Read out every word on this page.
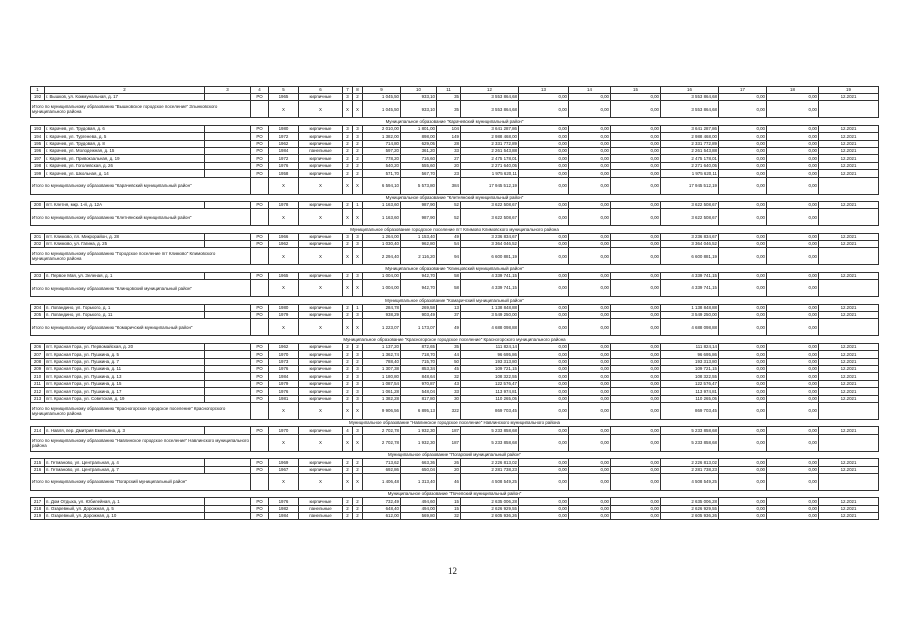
1	2	3	4	5	6	7	8	9	10	11	12	13	14	15	16	17	18	19
192	г. Вышков, ул. Коммунальная, д. 17		РО	1965	кирпичные	3	2	1 045,50	933,10	35	3 553 864,68	0,00	0,00	0,00	3 553 864,68	0,00	0,00	12.2021
Итого по муниципальному образованию "Вышковское городское поселение" Злынковского муниципального района				X	X	X	X	1 045,50	933,10	35	3 553 864,68	0,00	0,00	0,00	3 553 864,68	0,00	0,00	
Муниципальное образование "Карачевский муниципальный район"																		
193	г. Карачев, ул. Трудовая, д. 6		РО	1980	кирпичные	3	3	2 010,00	1 801,00	104	3 641 287,86	0,00	0,00	0,00	3 641 287,86	0,00	0,00	12.2021
194	г. Карачев, ул. Тургенева, д. 5		РО	1972	кирпичные	2	3	1 382,00	898,00	149	2 988 468,00	0,00	0,00	0,00	2 988 468,00	0,00	0,00	12.2021
195	г. Карачев, ул. Трудовая, д. 8		РО	1962	кирпичные	2	2	714,80	629,05	28	2 331 772,89	0,00	0,00	0,00	2 331 772,89	0,00	0,00	12.2021
196	г. Карачев, ул. Молодежная, д. 15		РО	1984	панельные	2	2	597,20	361,20	33	2 261 543,88	0,00	0,00	0,00	2 261 543,88	0,00	0,00	12.2021
197	г. Карачев, ул. Привокзальная, д. 19		РО	1972	кирпичные	2	2	778,20	716,60	27	2 475 178,01	0,00	0,00	0,00	2 475 178,01	0,00	0,00	12.2021
198	г. Карачев, ул. Гоголевская, д. 26		РО	1976	кирпичные	2	2	540,20	555,60	20	2 271 640,05	0,00	0,00	0,00	2 271 640,05	0,00	0,00	12.2021
199	г. Карачев, ул. Школьная, д. 14		РО	1958	кирпичные	2	2	571,70	567,70	23	1 975 620,11	0,00	0,00	0,00	1 975 620,11	0,00	0,00	12.2021
Итого по муниципальному образованию "Карачевский муниципальный район"				X	X	X	X	6 594,10	5 573,80	384	17 945 512,19	0,00	0,00	0,00	17 945 512,19	0,00	0,00	
Муниципальное образование "Клетнянский муниципальный район"																		
200	пгт. Клетня, мкр. 1-й, д. 12А		РО	1978	кирпичные	2	1	1 163,60	987,90	52	3 622 508,67	0,00	0,00	0,00	3 622 508,67	0,00	0,00	12.2021
Итого по муниципальному образованию "Клетнянский муниципальный район"				X	X	X	X	1 163,60	987,90	52	3 622 508,67	0,00	0,00	0,00	3 622 508,67	0,00	0,00	
Муниципальное образование городское поселение пгт Климово Климовского муниципального района																		
201	пгт. Климово, пл. Микрорайон, д. 28		РО	1966	кирпичные	3	3	1 264,00	1 153,40	49	3 236 834,67	0,00	0,00	0,00	3 236 834,67	0,00	0,00	12.2021
202	пгт. Климово, ул. Гагина, д. 25		РО	1962	кирпичные	2	3	1 030,40	962,80	54	3 364 046,52	0,00	0,00	0,00	3 364 046,52	0,00	0,00	12.2021
Итого по муниципальному образованию "Городское поселение пгт Климово" Климовского муниципального района				X	X	X	X	2 294,40	2 116,20	94	6 600 881,19	0,00	0,00	0,00	6 600 881,19	0,00	0,00	
Муниципальное образование "Клинцовский муниципальный район"																		
203	п. Первое Мая, ул. Зеленая, д. 1		РО	1965	кирпичные	2	3	1 004,00	942,70	58	4 339 741,15	0,00	0,00	0,00	4 339 741,15	0,00	0,00	12.2021
Итого по муниципальному образованию "Клинцовский муниципальный район"				X	X	X	X	1 004,00	942,70	58	4 339 741,15	0,00	0,00	0,00	4 339 741,15	0,00	0,00	
Муниципальное образование "Комаричский муниципальный район"																		
204	п. Лопандино, ул. Горького, д. 1		РО	1980	кирпичные	2	1	284,78	269,58	13	1 138 848,88	0,00	0,00	0,00	1 138 848,88	0,00	0,00	12.2021
205	п. Лопандино, ул. Горького, д. 11		РО	1979	кирпичные	2	3	938,29	903,49	37	3 549 250,00	0,00	0,00	0,00	3 549 250,00	0,00	0,00	12.2021
Итого по муниципальному образованию "Комаричский муниципальный район"				X	X	X	X	1 223,07	1 173,07	49	4 688 098,88	0,00	0,00	0,00	4 688 098,88	0,00	0,00	
Муниципальное образование "Красногорское городское поселение" Красногорского муниципального района																		
206	пгт. Красная Гора, ул. Первомайская, д. 20		РО	1962	кирпичные	2	2	1 137,20	872,65	35	111 824,14	0,00	0,00	0,00	111 824,14	0,00	0,00	12.2021
207	пгт. Красная Гора, ул. Пушкина, д. 5		РО	1970	кирпичные	2	3	1 362,74	718,70	44	96 695,86	0,00	0,00	0,00	96 695,86	0,00	0,00	12.2021
208	пгт. Красная Гора, ул. Пушкина, д. 7		РО	1973	кирпичные	2	2	788,40	715,70	50	193 313,80	0,00	0,00	0,00	193 313,80	0,00	0,00	12.2021
209	пгт. Красная Гора, ул. Пушкина, д. 11		РО	1976	кирпичные	2	3	1 307,38	853,34	45	109 721,15	0,00	0,00	0,00	109 721,15	0,00	0,00	12.2021
210	пгт. Красная Гора, ул. Пушкина, д. 13		РО	1984	кирпичные	2	3	1 180,80	848,64	32	108 322,55	0,00	0,00	0,00	108 322,55	0,00	0,00	12.2021
211	пгт. Красная Гора, ул. Пушкина, д. 15		РО	1979	кирпичные	2	3	1 087,54	970,87	43	122 576,47	0,00	0,00	0,00	122 576,47	0,00	0,00	12.2021
212	пгт. Красная Гора, ул. Пушкина, д. 17		РО	1976	кирпичные	2	3	1 061,28	548,04	33	113 974,81	0,00	0,00	0,00	113 974,81	0,00	0,00	12.2021
213	пгт. Красная Гора, ул. Советская, д. 19		РО	1981	кирпичные	2	3	1 382,28	817,80	30	110 265,05	0,00	0,00	0,00	110 265,05	0,00	0,00	12.2021
Итого по муниципальному образованию "Красногорское городское поселение" Красногорского муниципального района				X	X	X	X	9 906,56	6 895,13	322	869 703,45	0,00	0,00	0,00	869 703,45	0,00	0,00	
Муниципальное образование "Навлинское городское поселение" Навлинского муниципального района																		
214	п. Навля, пер. Дмитрия Емельяна, д. 3		РО	1970	кирпичные	4	3	2 702,78	1 932,30	187	5 233 858,68	0,00	0,00	0,00	5 233 858,68	0,00	0,00	12.2021
Итого по муниципальному образованию "Навлинское городское поселение" Навлинского муниципального района				X	X	X	X	2 702,78	1 932,30	187	5 233 858,68	0,00	0,00	0,00	5 233 858,68	0,00	0,00	
Муниципальное образование "Погарский муниципальный район"																		
215	п. Гетманово, ул. Центральная, д. 4		РО	1969	кирпичные	2	2	713,62	663,36	26	2 226 813,02	0,00	0,00	0,00	2 226 813,02	0,00	0,00	12.2021
216	п. Гетманово, ул. Центральная, д. 7		РО	1967	кирпичные	2	2	692,86	650,04	20	2 281 738,23	0,00	0,00	0,00	2 281 738,23	0,00	0,00	12.2021
Итого по муниципальному образованию "Погарский муниципальный район"				X	X	X	X	1 406,48	1 313,40	46	4 508 549,25	0,00	0,00	0,00	4 508 549,25	0,00	0,00	
Муниципальное образование "Почепский муниципальный район"																		
217	п. Дом Отдыха, ул. Юбилейная, д. 1		РО	1976	кирпичные	2	2	732,49	494,60	15	2 635 006,28	0,00	0,00	0,00	2 635 006,28	0,00	0,00	12.2021
218	п. Озаревный, ул. Дорожная, д. 5		РО	1982	панельные	2	2	648,40	494,00	15	2 626 929,55	0,00	0,00	0,00	2 626 929,55	0,00	0,00	12.2021
219	п. Озаревный, ул. Дорожная, д. 10		РО	1984	панельные	2	2	612,00	569,80	32	2 605 936,26	0,00	0,00	0,00	2 605 936,26	0,00	0,00	12.2021
12
